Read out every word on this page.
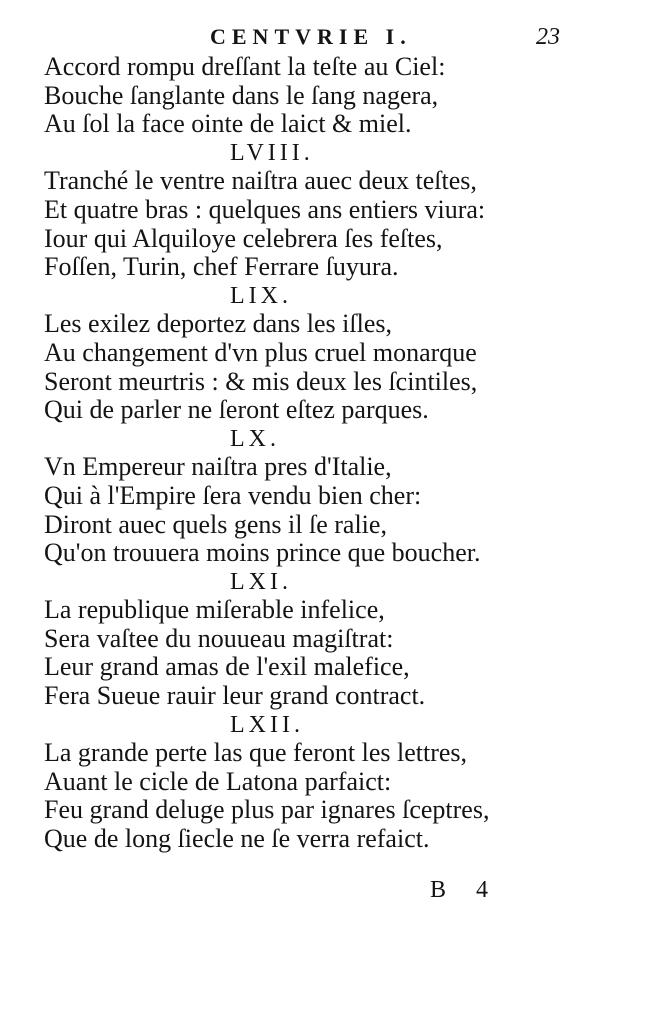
CENTVRIE I.	23
Accord rompu dreſſant la teſte au Ciel:
Bouche ſanglante dans le ſang nagera,
Au ſol la face ointe de laict & miel.
LVIII.
Tranché le ventre naiſtra auec deux teſtes,
Et quatre bras : quelques ans entiers viura:
Iour qui Alquiloye celebrera ſes feſtes,
Foſſen, Turin, chef Ferrare ſuyura.
LIX.
Les exilez deportez dans les iſles,
Au changement d'vn plus cruel monarque
Seront meurtris : & mis deux les ſcintiles,
Qui de parler ne ſeront eſtez parques.
LX.
Vn Empereur naiſtra pres d'Italie,
Qui à l'Empire ſera vendu bien cher:
Diront auec quels gens il ſe ralie,
Qu'on trouuera moins prince que boucher.
LXI.
La republique miſerable infelice,
Sera vaſtee du nouueau magiſtrat:
Leur grand amas de l'exil malefice,
Fera Sueue rauir leur grand contract.
LXII.
La grande perte las que feront les lettres,
Auant le cicle de Latona parfaict:
Feu grand deluge plus par ignares ſceptres,
Que de long ſiecle ne ſe verra refaict.
B 4
